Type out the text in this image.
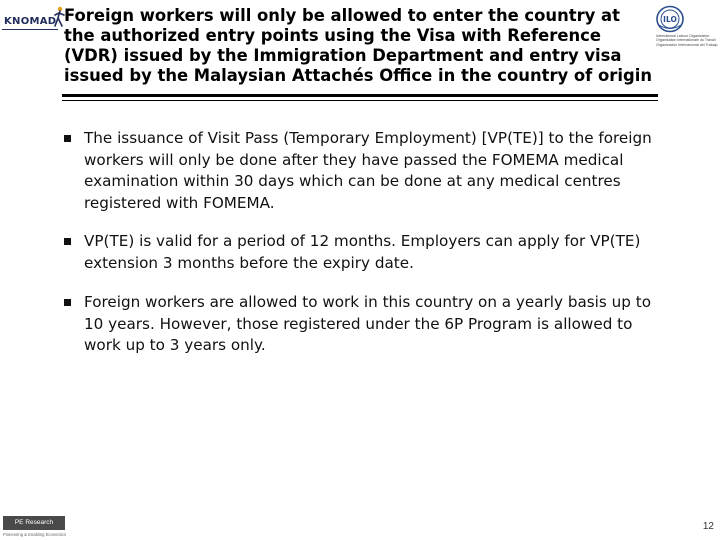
KNOMAD Foreign workers will only be allowed to enter the country at the authorized entry points using the Visa with Reference (VDR) issued by the Immigration Department and entry visa issued by the Malaysian Attachés Office in the country of origin
ILO
International Labour Organization Organisation internationale du Travail Organización Internacional del Trabajo
The issuance of Visit Pass (Temporary Employment) [VP(TE)] to the foreign workers will only be done after they have passed the FOMEMA medical examination within 30 days which can be done at any medical centres registered with FOMEMA.
VP(TE) is valid for a period of 12 months. Employers can apply for VP(TE) extension 3 months before the expiry date.
Foreign workers are allowed to work in this country on a yearly basis up to 10 years. However, those registered under the 6P Program is allowed to work up to 3 years only.
PE Research
Pioneering & Enabling Economics
12
